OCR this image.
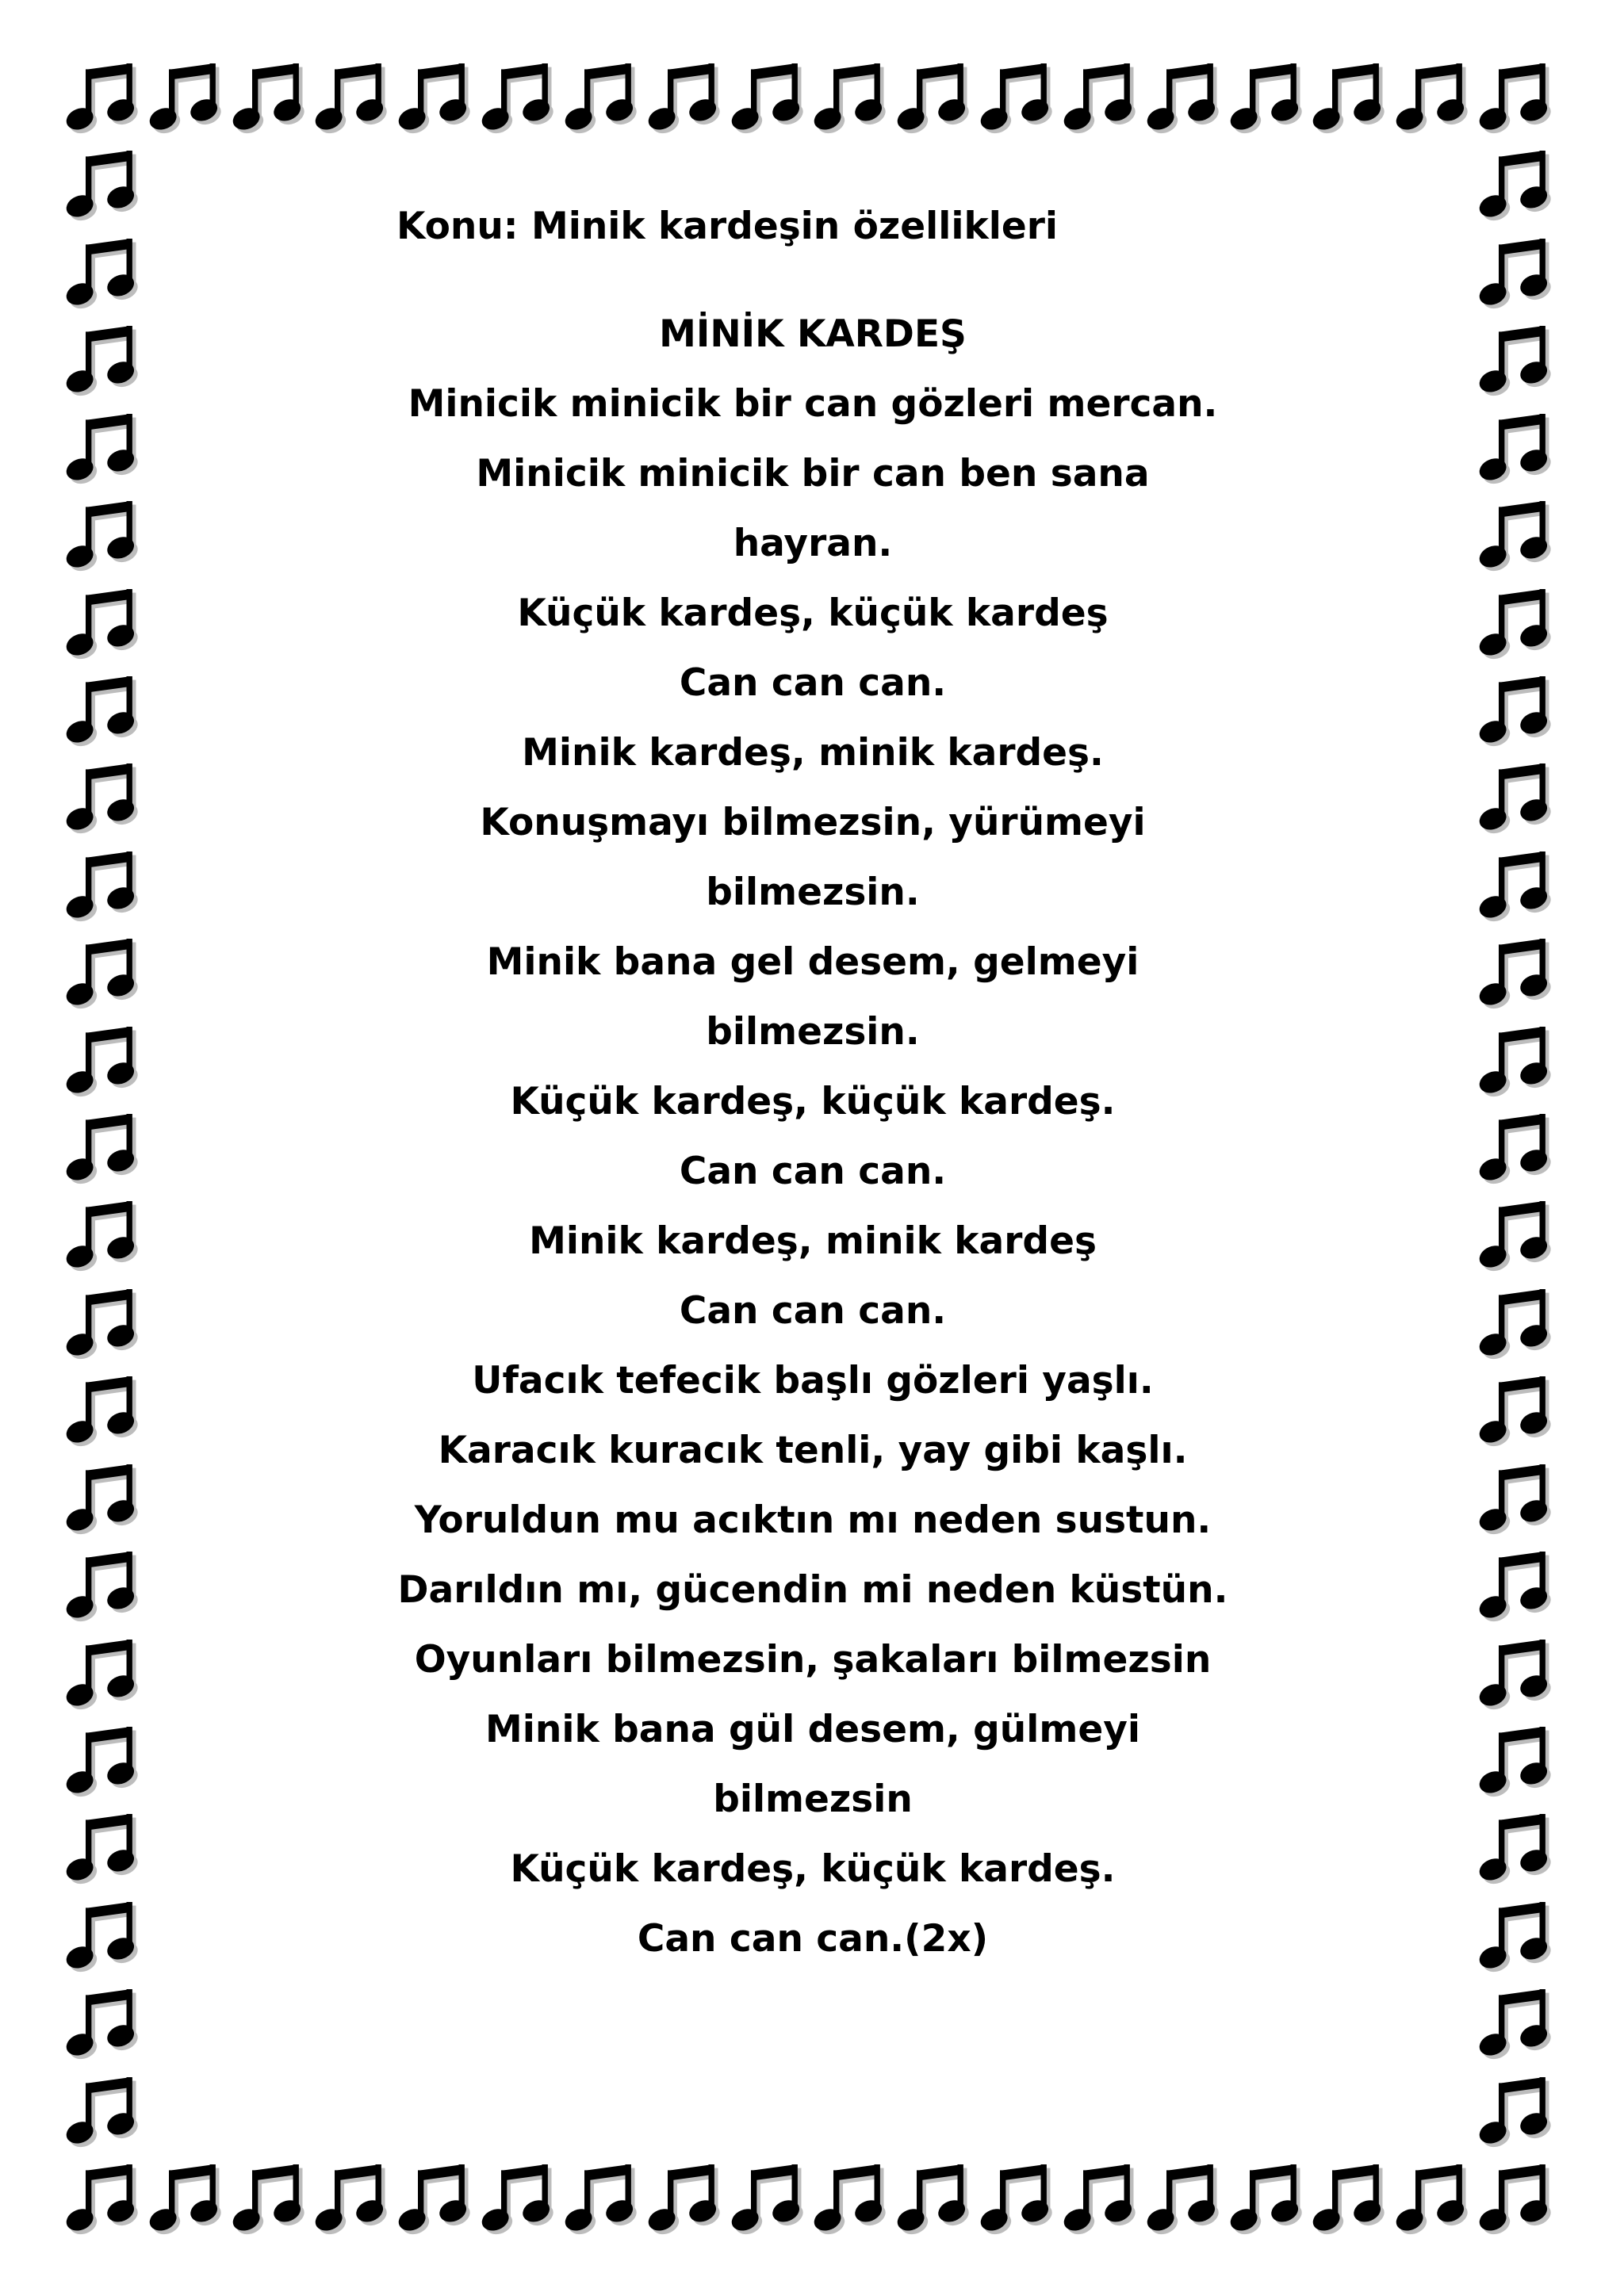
Konu: Minik kardeşin özellikleri
MİNİK KARDEŞ
Minicik minicik bir can gözleri mercan.
Minicik minicik bir can ben sana
hayran.
Küçük kardeş, küçük kardeş
Can can can.
Minik kardeş, minik kardeş.
Konuşmayı bilmezsin, yürümeyi
bilmezsin.
Minik bana gel desem, gelmeyi
bilmezsin.
Küçük kardeş, küçük kardeş.
Can can can.
Minik kardeş, minik kardeş
Can can can.
Ufacık tefecik başlı gözleri yaşlı.
Karacık kuracık tenli, yay gibi kaşlı.
Yoruldun mu acıktın mı neden sustun.
Darıldın mı, gücendin mi neden küstün.
Oyunları bilmezsin, şakaları bilmezsin
Minik bana gül desem, gülmeyi
bilmezsin
Küçük kardeş, küçük kardeş.
Can can can.(2x)
